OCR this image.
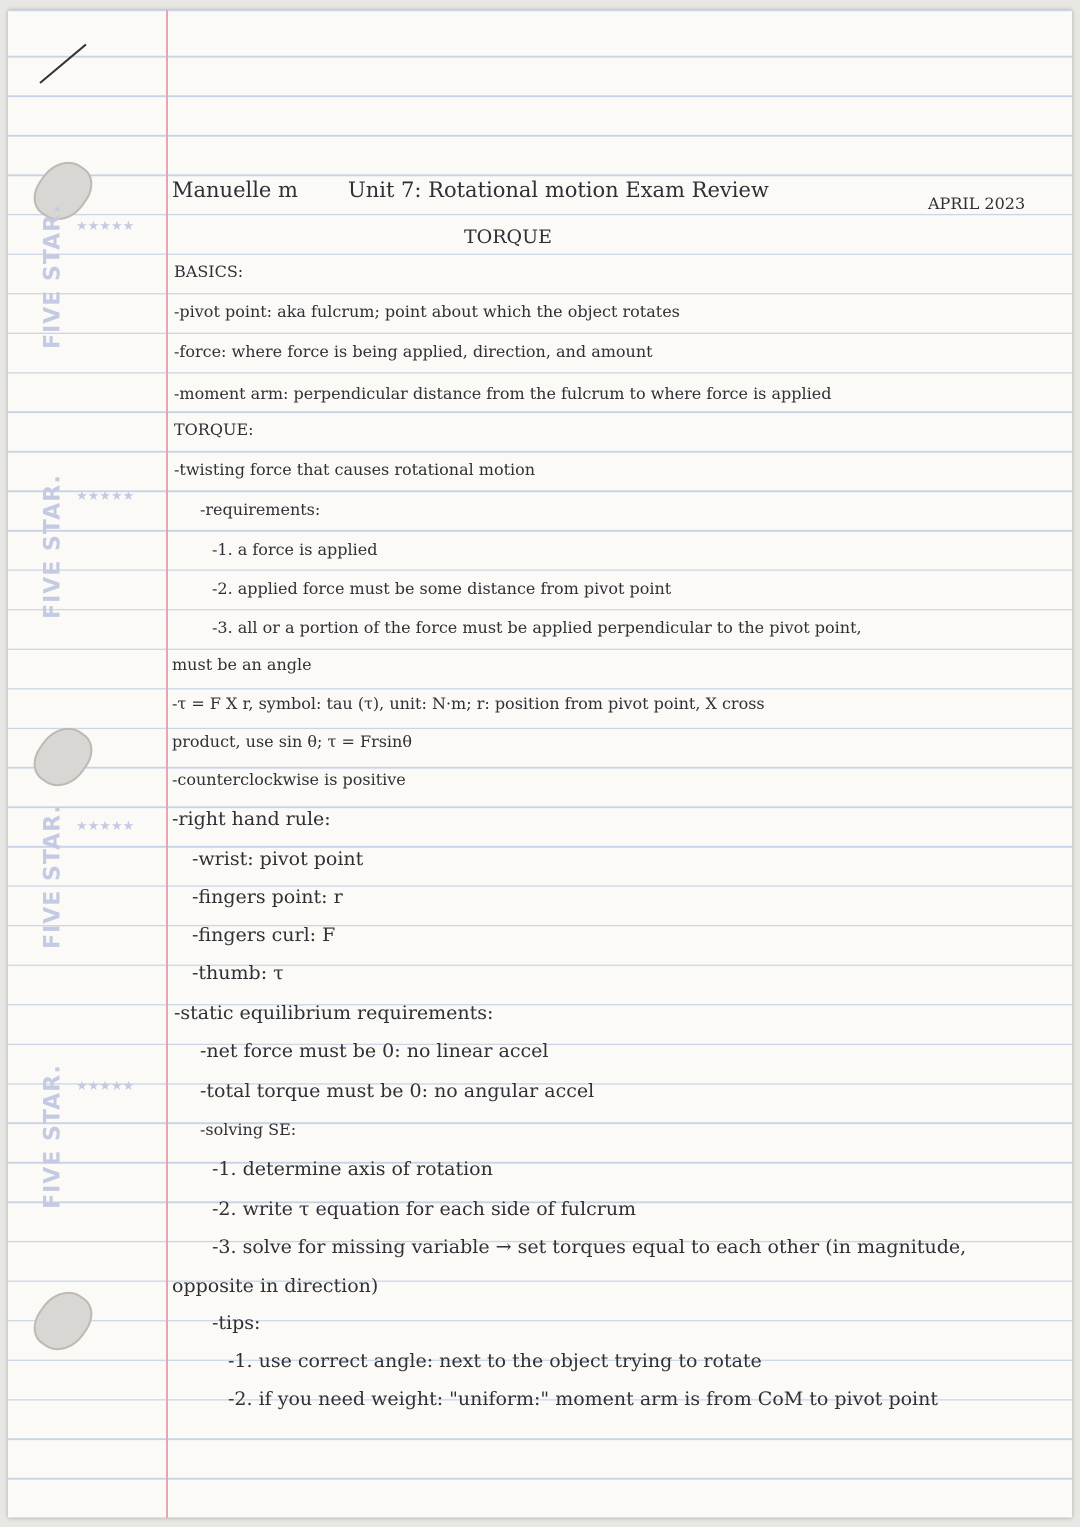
FIVE STAR. ★★★★★
FIVE STAR. ★★★★★
FIVE STAR. ★★★★★
FIVE STAR. ★★★★★
Manuelle m Unit 7: Rotational motion Exam Review
APRIL 2023
TORQUE
BASICS:
-pivot point: aka fulcrum; point about which the object rotates
-force: where force is being applied, direction, and amount
-moment arm: perpendicular distance from the fulcrum to where force is applied
TORQUE:
-twisting force that causes rotational motion
-requirements:
-1. a force is applied
-2. applied force must be some distance from pivot point
-3. all or a portion of the force must be applied perpendicular to the pivot point,
must be an angle
-τ = F X r, symbol: tau (τ), unit: N·m; r: position from pivot point, X cross
product, use sin θ; τ = Frsinθ
-counterclockwise is positive
-right hand rule:
-wrist: pivot point
-fingers point: r
-fingers curl: F
-thumb: τ
-static equilibrium requirements:
-net force must be 0: no linear accel
-total torque must be 0: no angular accel
-solving SE:
-1. determine axis of rotation
-2. write τ equation for each side of fulcrum
-3. solve for missing variable → set torques equal to each other (in magnitude,
opposite in direction)
-tips:
-1. use correct angle: next to the object trying to rotate
-2. if you need weight: "uniform:" moment arm is from CoM to pivot point
